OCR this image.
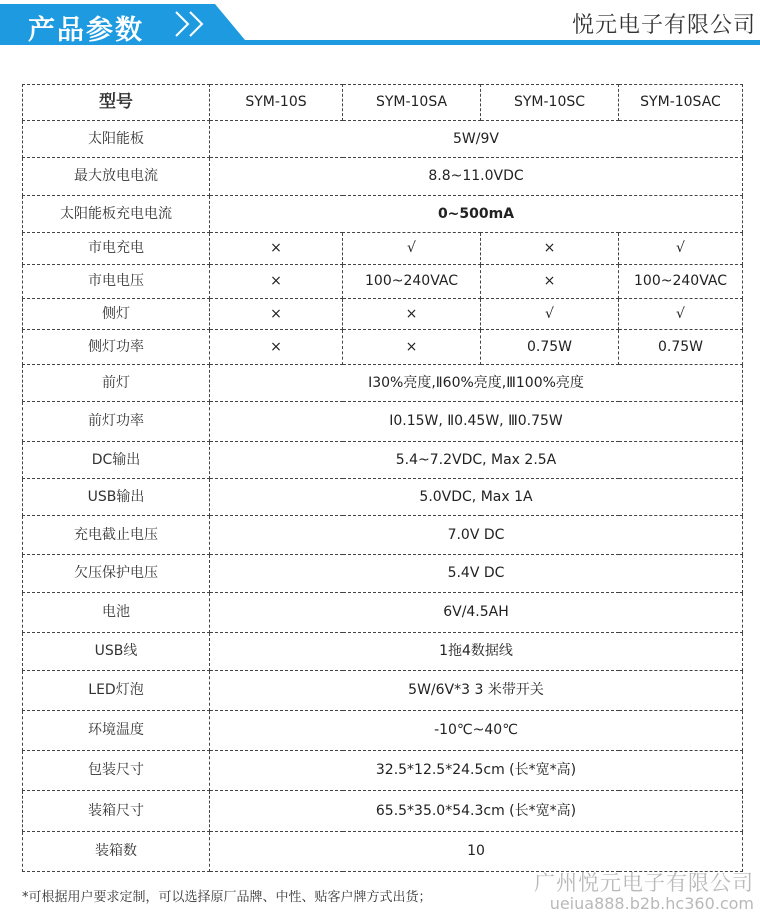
产品参数	悦元电子有限公司
型号	SYM-10S	SYM-10SA	SYM-10SC	SYM-10SAC
太阳能板	5W/9V			
最大放电电流	8.8~11.0VDC			
太阳能板充电电流	0~500mA			
市电充电	×	√	×	√
市电电压	×	100~240VAC	×	100~240VAC
侧灯	×	×	√	√
侧灯功率	×	×	0.75W	0.75W
前灯	Ⅰ30%亮度,Ⅱ60%亮度,Ⅲ100%亮度			
前灯功率	Ⅰ0.15W, Ⅱ0.45W, Ⅲ0.75W			
DC输出	5.4~7.2VDC, Max 2.5A			
USB输出	5.0VDC, Max 1A			
充电截止电压	7.0V DC			
欠压保护电压	5.4V DC			
电池	6V/4.5AH			
USB线	1拖4数据线			
LED灯泡	5W/6V*3 3 米带开关			
环境温度	-10℃~40℃			
包装尺寸	32.5*12.5*24.5cm (长*宽*高)			
装箱尺寸	65.5*35.0*54.3cm (长*宽*高)			
装箱数	10			
*可根据用户要求定制，可以选择原厂品牌、中性、贴客户牌方式出货；
广州悦元电子有限公司
ueiua888.b2b.hc360.com
